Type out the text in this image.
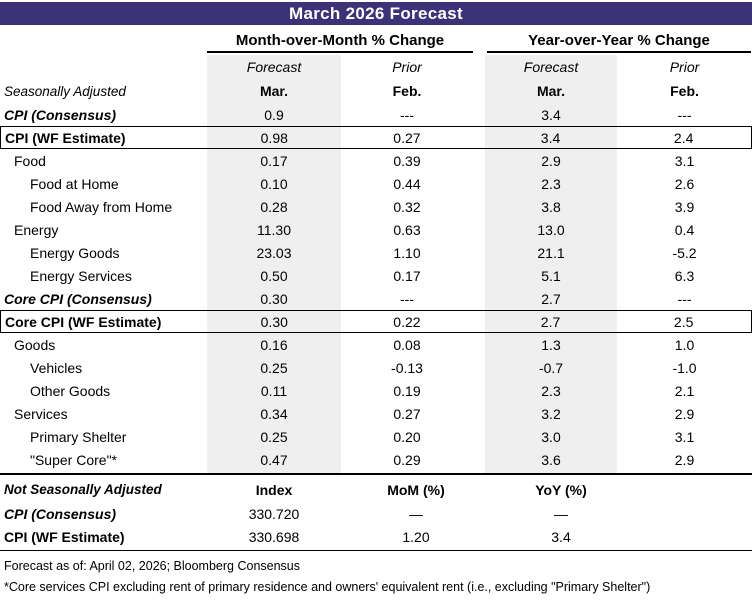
March 2026 Forecast
Month-over-Month % Change	Year-over-Year % Change
Forecast	Prior	Forecast	Prior
Seasonally Adjusted	Mar.	Feb.	Mar.	Feb.
CPI (Consensus)	0.9	---	3.4	---
CPI (WF Estimate)	0.98	0.27	3.4	2.4
Food	0.17	0.39	2.9	3.1
Food at Home	0.10	0.44	2.3	2.6
Food Away from Home	0.28	0.32	3.8	3.9
Energy	11.30	0.63	13.0	0.4
Energy Goods	23.03	1.10	21.1	-5.2
Energy Services	0.50	0.17	5.1	6.3
Core CPI (Consensus)	0.30	---	2.7	---
Core CPI (WF Estimate)	0.30	0.22	2.7	2.5
Goods	0.16	0.08	1.3	1.0
Vehicles	0.25	-0.13	-0.7	-1.0
Other Goods	0.11	0.19	2.3	2.1
Services	0.34	0.27	3.2	2.9
Primary Shelter	0.25	0.20	3.0	3.1
"Super Core"*	0.47	0.29	3.6	2.9
Not Seasonally Adjusted	Index	MoM (%)	YoY (%)
CPI (Consensus)	330.720	—	—
CPI (WF Estimate)	330.698	1.20	3.4
Forecast as of: April 02, 2026; Bloomberg Consensus
*Core services CPI excluding rent of primary residence and owners' equivalent rent (i.e., excluding "Primary Shelter")
